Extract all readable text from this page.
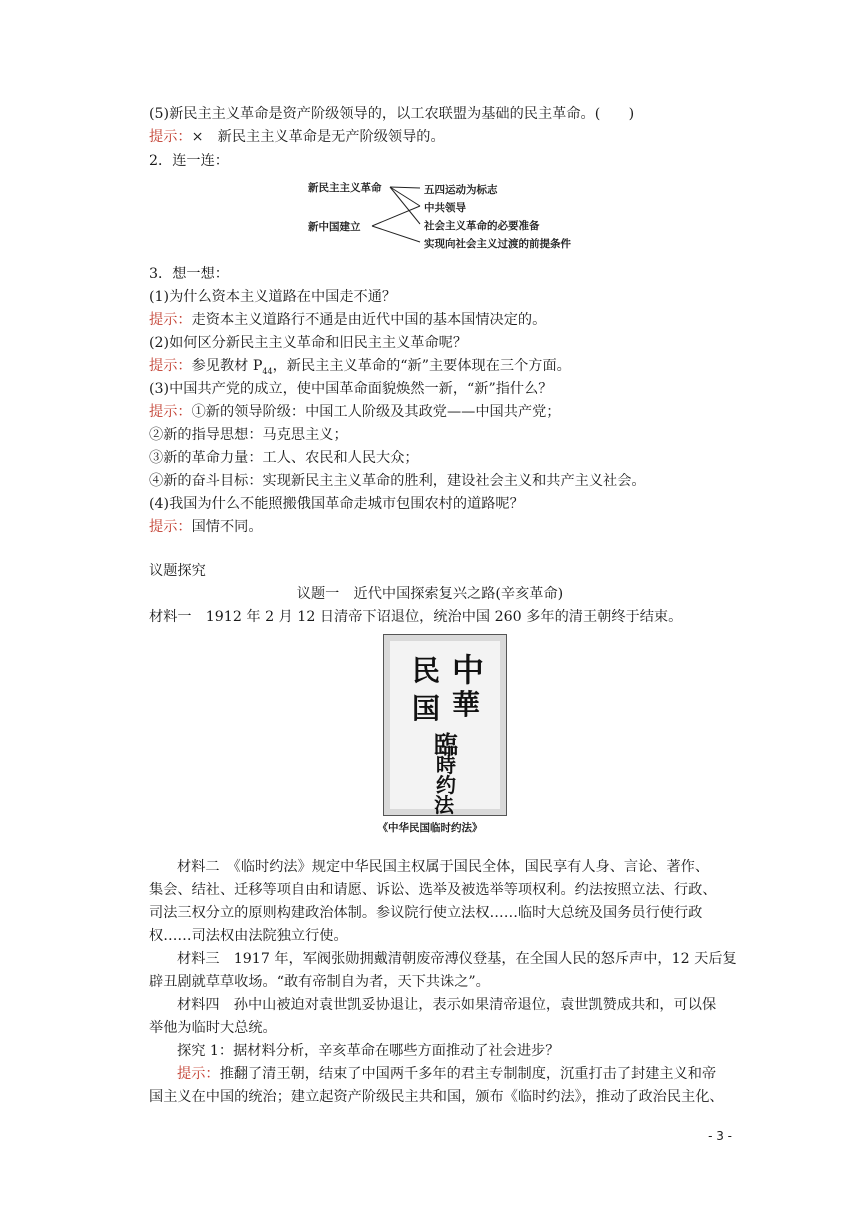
(5)新民主主义革命是资产阶级领导的，以工农联盟为基础的民主革命。(　　)
提示：×　新民主主义革命是无产阶级领导的。
2．连一连：
新民主主义革命
新中国建立
五四运动为标志
中共领导
社会主义革命的必要准备
实现向社会主义过渡的前提条件
3．想一想：
(1)为什么资本主义道路在中国走不通？
提示：走资本主义道路行不通是由近代中国的基本国情决定的。
(2)如何区分新民主主义革命和旧民主主义革命呢？
提示：参见教材 $P_{44}$，新民主主义革命的“新”主要体现在三个方面。
(3)中国共产党的成立，使中国革命面貌焕然一新，“新”指什么？
提示：①新的领导阶级：中国工人阶级及其政党——中国共产党；
②新的指导思想：马克思主义；
③新的革命力量：工人、农民和人民大众；
④新的奋斗目标：实现新民主主义革命的胜利，建设社会主义和共产主义社会。
(4)我国为什么不能照搬俄国革命走城市包围农村的道路呢？
提示：国情不同。
议题探究
议题一　近代中国探索复兴之路(辛亥革命)
材料一　1912 年 2 月 12 日清帝下诏退位，统治中国 260 多年的清王朝终于结束。
中
華
民
国
臨
時
约
法
《中华民国临时约法》
材料二　《临时约法》规定中华民国主权属于国民全体，国民享有人身、言论、著作、
集会、结社、迁移等项自由和请愿、诉讼、选举及被选举等项权利。约法按照立法、行政、
司法三权分立的原则构建政治体制。参议院行使立法权……临时大总统及国务员行使行政
权……司法权由法院独立行使。
材料三　1917 年，军阀张勋拥戴清朝废帝溥仪登基，在全国人民的怒斥声中，12 天后复
辟丑剧就草草收场。“敢有帝制自为者，天下共诛之”。
材料四　孙中山被迫对袁世凯妥协退让，表示如果清帝退位，袁世凯赞成共和，可以保
举他为临时大总统。
探究 1：据材料分析，辛亥革命在哪些方面推动了社会进步？
提示：推翻了清王朝，结束了中国两千多年的君主专制制度，沉重打击了封建主义和帝
国主义在中国的统治；建立起资产阶级民主共和国，颁布《临时约法》，推动了政治民主化、
- 3 -
